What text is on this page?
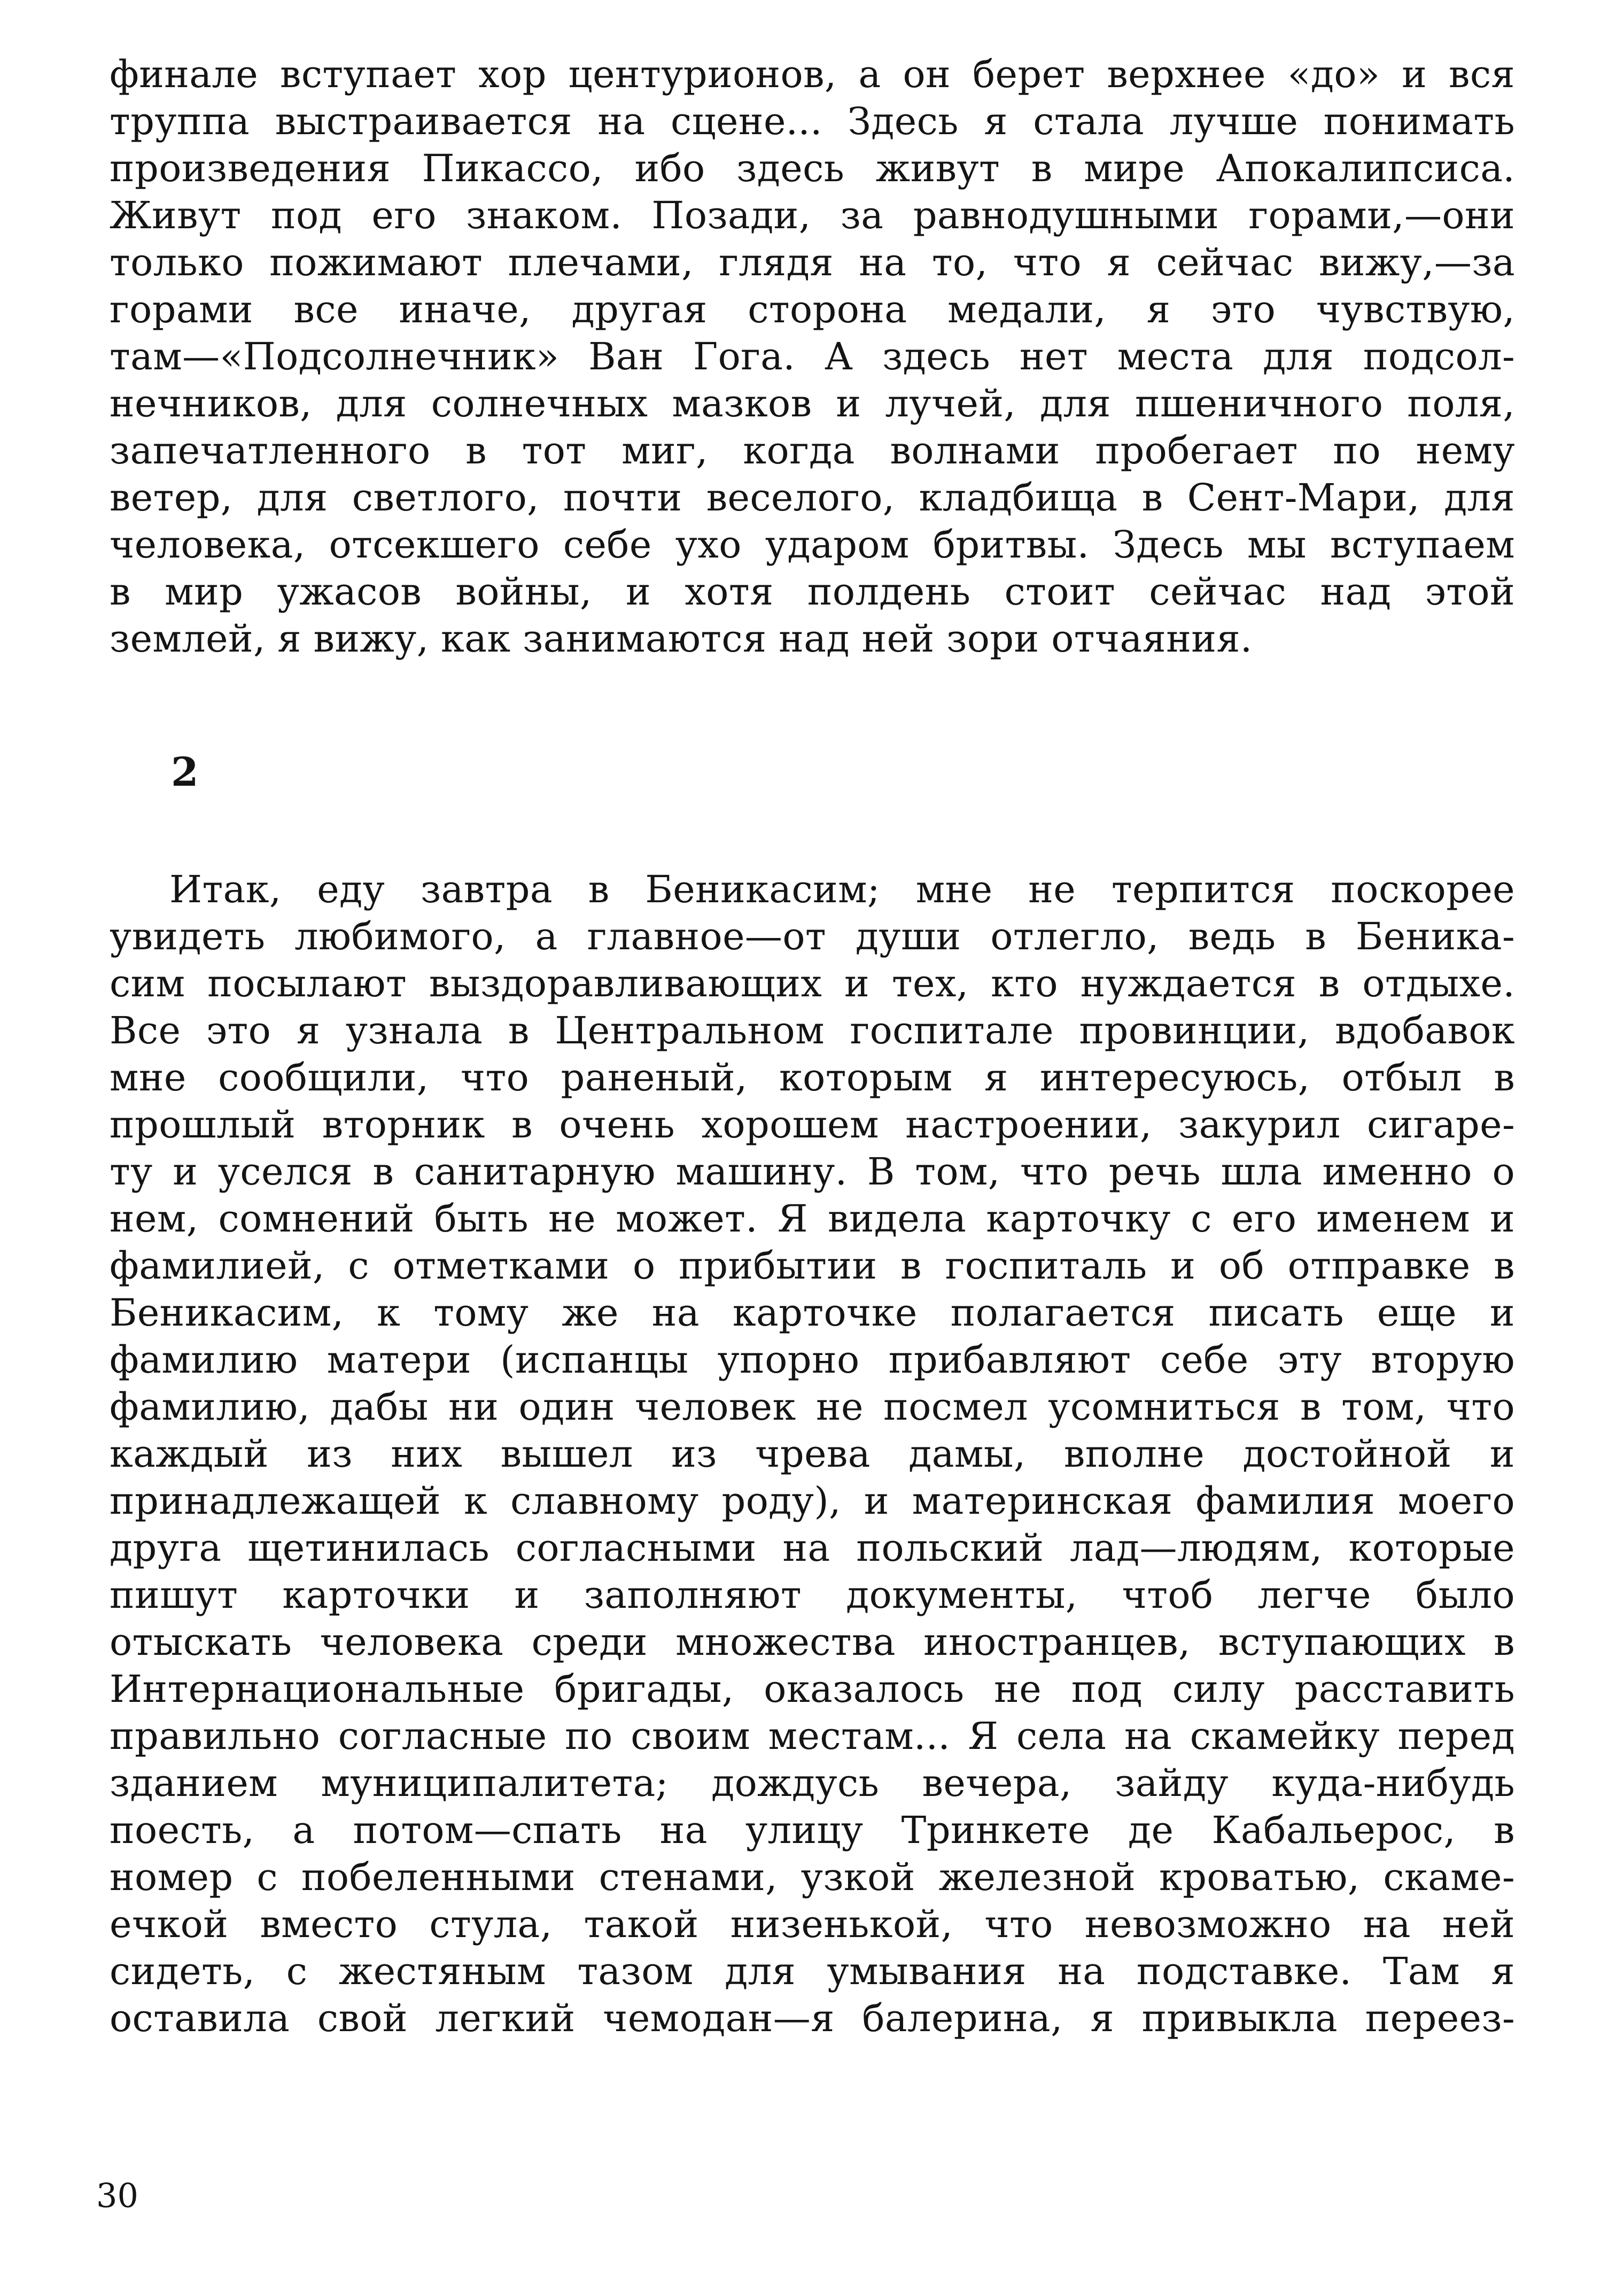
финале вступает хор центурионов, а он берет верхнее «до» и вся
труппа выстраивается на сцене... Здесь я стала лучше понимать
произведения Пикассо, ибо здесь живут в мире Апокалипсиса.
Живут под его знаком. Позади, за равнодушными горами,—они
только пожимают плечами, глядя на то, что я сейчас вижу,—за
горами все иначе, другая сторона медали, я это чувствую,
там—«Подсолнечник» Ван Гога. А здесь нет места для подсол-
нечников, для солнечных мазков и лучей, для пшеничного поля,
запечатленного в тот миг, когда волнами пробегает по нему
ветер, для светлого, почти веселого, кладбища в Сент-Мари, для
человека, отсекшего себе ухо ударом бритвы. Здесь мы вступаем
в мир ужасов войны, и хотя полдень стоит сейчас над этой
землей, я вижу, как занимаются над ней зори отчаяния.
2
Итак, еду завтра в Беникасим; мне не терпится поскорее
увидеть любимого, а главное—от души отлегло, ведь в Беника-
сим посылают выздоравливающих и тех, кто нуждается в отдыхе.
Все это я узнала в Центральном госпитале провинции, вдобавок
мне сообщили, что раненый, которым я интересуюсь, отбыл в
прошлый вторник в очень хорошем настроении, закурил сигаре-
ту и уселся в санитарную машину. В том, что речь шла именно о
нем, сомнений быть не может. Я видела карточку с его именем и
фамилией, с отметками о прибытии в госпиталь и об отправке в
Беникасим, к тому же на карточке полагается писать еще и
фамилию матери (испанцы упорно прибавляют себе эту вторую
фамилию, дабы ни один человек не посмел усомниться в том, что
каждый из них вышел из чрева дамы, вполне достойной и
принадлежащей к славному роду), и материнская фамилия моего
друга щетинилась согласными на польский лад—людям, которые
пишут карточки и заполняют документы, чтоб легче было
отыскать человека среди множества иностранцев, вступающих в
Интернациональные бригады, оказалось не под силу расставить
правильно согласные по своим местам... Я села на скамейку перед
зданием муниципалитета; дождусь вечера, зайду куда-нибудь
поесть, а потом—спать на улицу Тринкете де Кабальерос, в
номер с побеленными стенами, узкой железной кроватью, скаме-
ечкой вместо стула, такой низенькой, что невозможно на ней
сидеть, с жестяным тазом для умывания на подставке. Там я
оставила свой легкий чемодан—я балерина, я привыкла переез-
30
